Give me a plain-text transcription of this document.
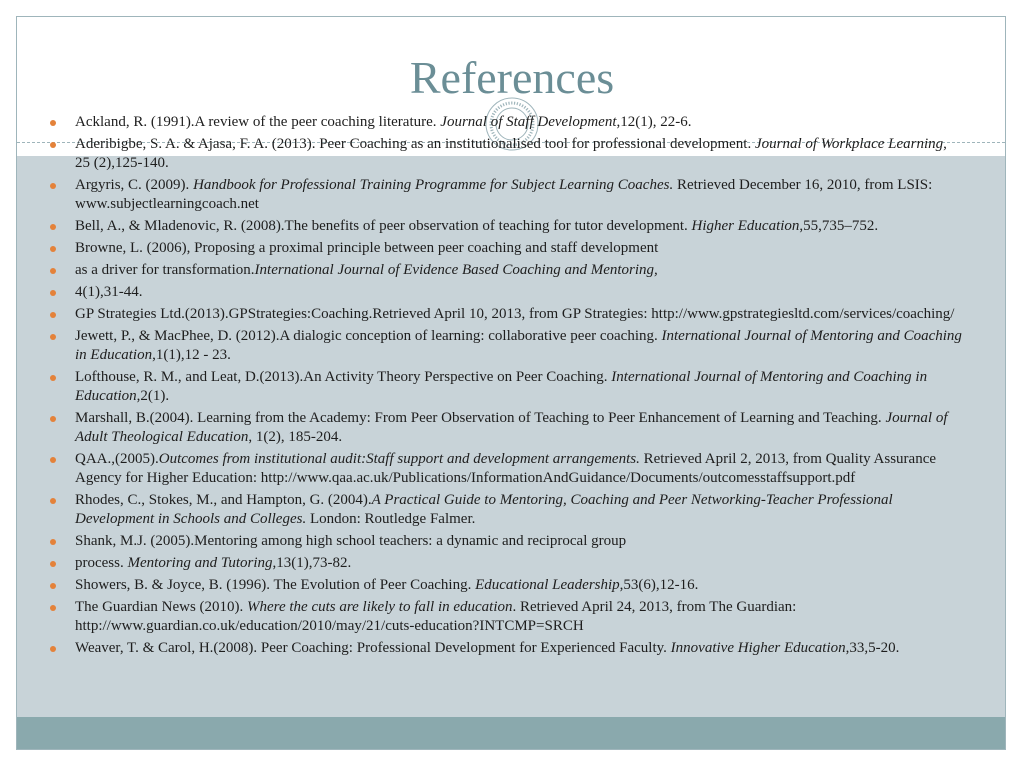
References
Ackland, R. (1991).A review of the peer coaching literature. Journal of Staff Development,12(1), 22-6.
Aderibigbe, S. A. & Ajasa, F. A. (2013). Peer Coaching as an institutionalised tool for professional development. Journal of Workplace Learning, 25 (2),125-140.
Argyris, C. (2009). Handbook for Professional Training Programme for Subject Learning Coaches. Retrieved December 16, 2010, from LSIS: www.subjectlearningcoach.net
Bell, A., & Mladenovic, R. (2008).The benefits of peer observation of teaching for tutor development. Higher Education,55,735–752.
Browne, L. (2006), Proposing a proximal principle between peer coaching and staff development
as a driver for transformation.International Journal of Evidence Based Coaching and Mentoring,
4(1),31-44.
GP Strategies Ltd.(2013).GPStrategies:Coaching.Retrieved April 10, 2013, from GP Strategies: http://www.gpstrategiesltd.com/services/coaching/
Jewett, P., & MacPhee, D. (2012).A dialogic conception of learning: collaborative peer coaching. International Journal of Mentoring and Coaching in Education,1(1),12 - 23.
Lofthouse, R. M., and Leat, D.(2013).An Activity Theory Perspective on Peer Coaching. International Journal of Mentoring and Coaching in Education,2(1).
Marshall, B.(2004). Learning from the Academy: From Peer Observation of Teaching to Peer Enhancement of Learning and Teaching. Journal of Adult Theological Education, 1(2), 185-204.
QAA.,(2005).Outcomes from institutional audit:Staff support and development arrangements. Retrieved April 2, 2013, from Quality Assurance Agency for Higher Education: http://www.qaa.ac.uk/Publications/InformationAndGuidance/Documents/outcomesstaffsupport.pdf
Rhodes, C., Stokes, M., and Hampton, G. (2004).A Practical Guide to Mentoring, Coaching and Peer Networking-Teacher Professional Development in Schools and Colleges. London: Routledge Falmer.
Shank, M.J. (2005).Mentoring among high school teachers: a dynamic and reciprocal group
process. Mentoring and Tutoring,13(1),73-82.
Showers, B. & Joyce, B. (1996). The Evolution of Peer Coaching. Educational Leadership,53(6),12-16.
The Guardian News (2010). Where the cuts are likely to fall in education. Retrieved April 24, 2013, from The Guardian: http://www.guardian.co.uk/education/2010/may/21/cuts-education?INTCMP=SRCH
Weaver, T. & Carol, H.(2008). Peer Coaching: Professional Development for Experienced Faculty. Innovative Higher Education,33,5-20.
